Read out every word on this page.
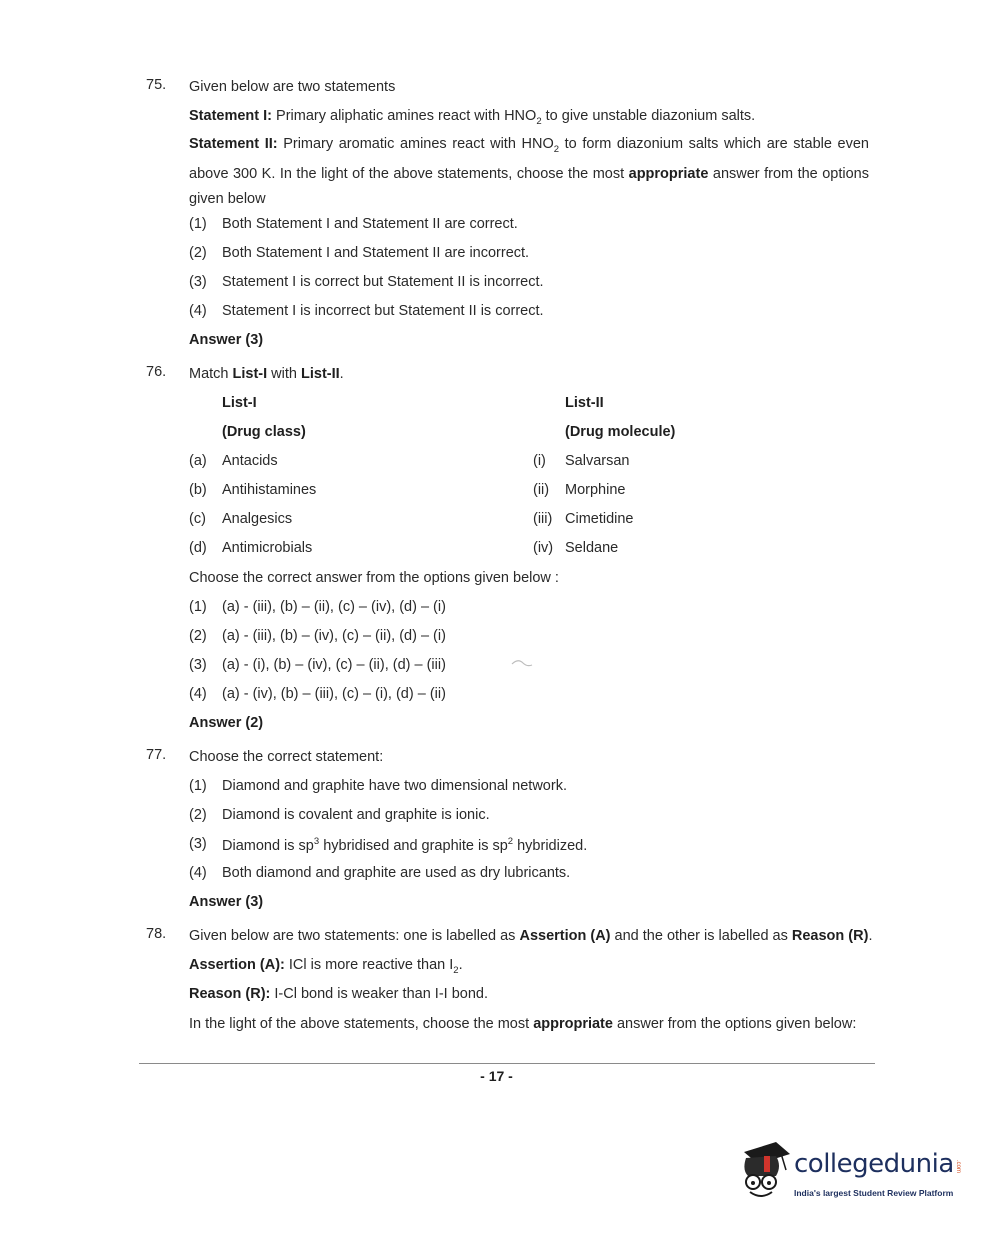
75. Given below are two statements
Statement I: Primary aliphatic amines react with $HNO_2$ to give unstable diazonium salts.
Statement II: Primary aromatic amines react with $HNO_2$ to form diazonium salts which are stable even above 300 K. In the light of the above statements, choose the most appropriate answer from the options given below
(1) Both Statement I and Statement II are correct.
(2) Both Statement I and Statement II are incorrect.
(3) Statement I is correct but Statement II is incorrect.
(4) Statement I is incorrect but Statement II is correct.
Answer (3)
76. Match List-I with List-II.
List-I	List-II
(Drug class)	(Drug molecule)
(a) Antacids	(i) Salvarsan
(b) Antihistamines	(ii) Morphine
(c) Analgesics	(iii) Cimetidine
(d) Antimicrobials	(iv) Seldane
Choose the correct answer from the options given below :
(1) (a) - (iii), (b) – (ii), (c) – (iv), (d) – (i)
(2) (a) - (iii), (b) – (iv), (c) – (ii), (d) – (i)
(3) (a) - (i), (b) – (iv), (c) – (ii), (d) – (iii)
(4) (a) - (iv), (b) – (iii), (c) – (i), (d) – (ii)
Answer (2)
77. Choose the correct statement:
(1) Diamond and graphite have two dimensional network.
(2) Diamond is covalent and graphite is ionic.
(3) Diamond is $sp^3$ hybridised and graphite is $sp^2$ hybridized.
(4) Both diamond and graphite are used as dry lubricants.
Answer (3)
78. Given below are two statements: one is labelled as Assertion (A) and the other is labelled as Reason (R).
Assertion (A): ICl is more reactive than $I_2$.
Reason (R): I-Cl bond is weaker than I-I bond.
In the light of the above statements, choose the most appropriate answer from the options given below:
- 17 -
collegedunia .com
India's largest Student Review Platform
